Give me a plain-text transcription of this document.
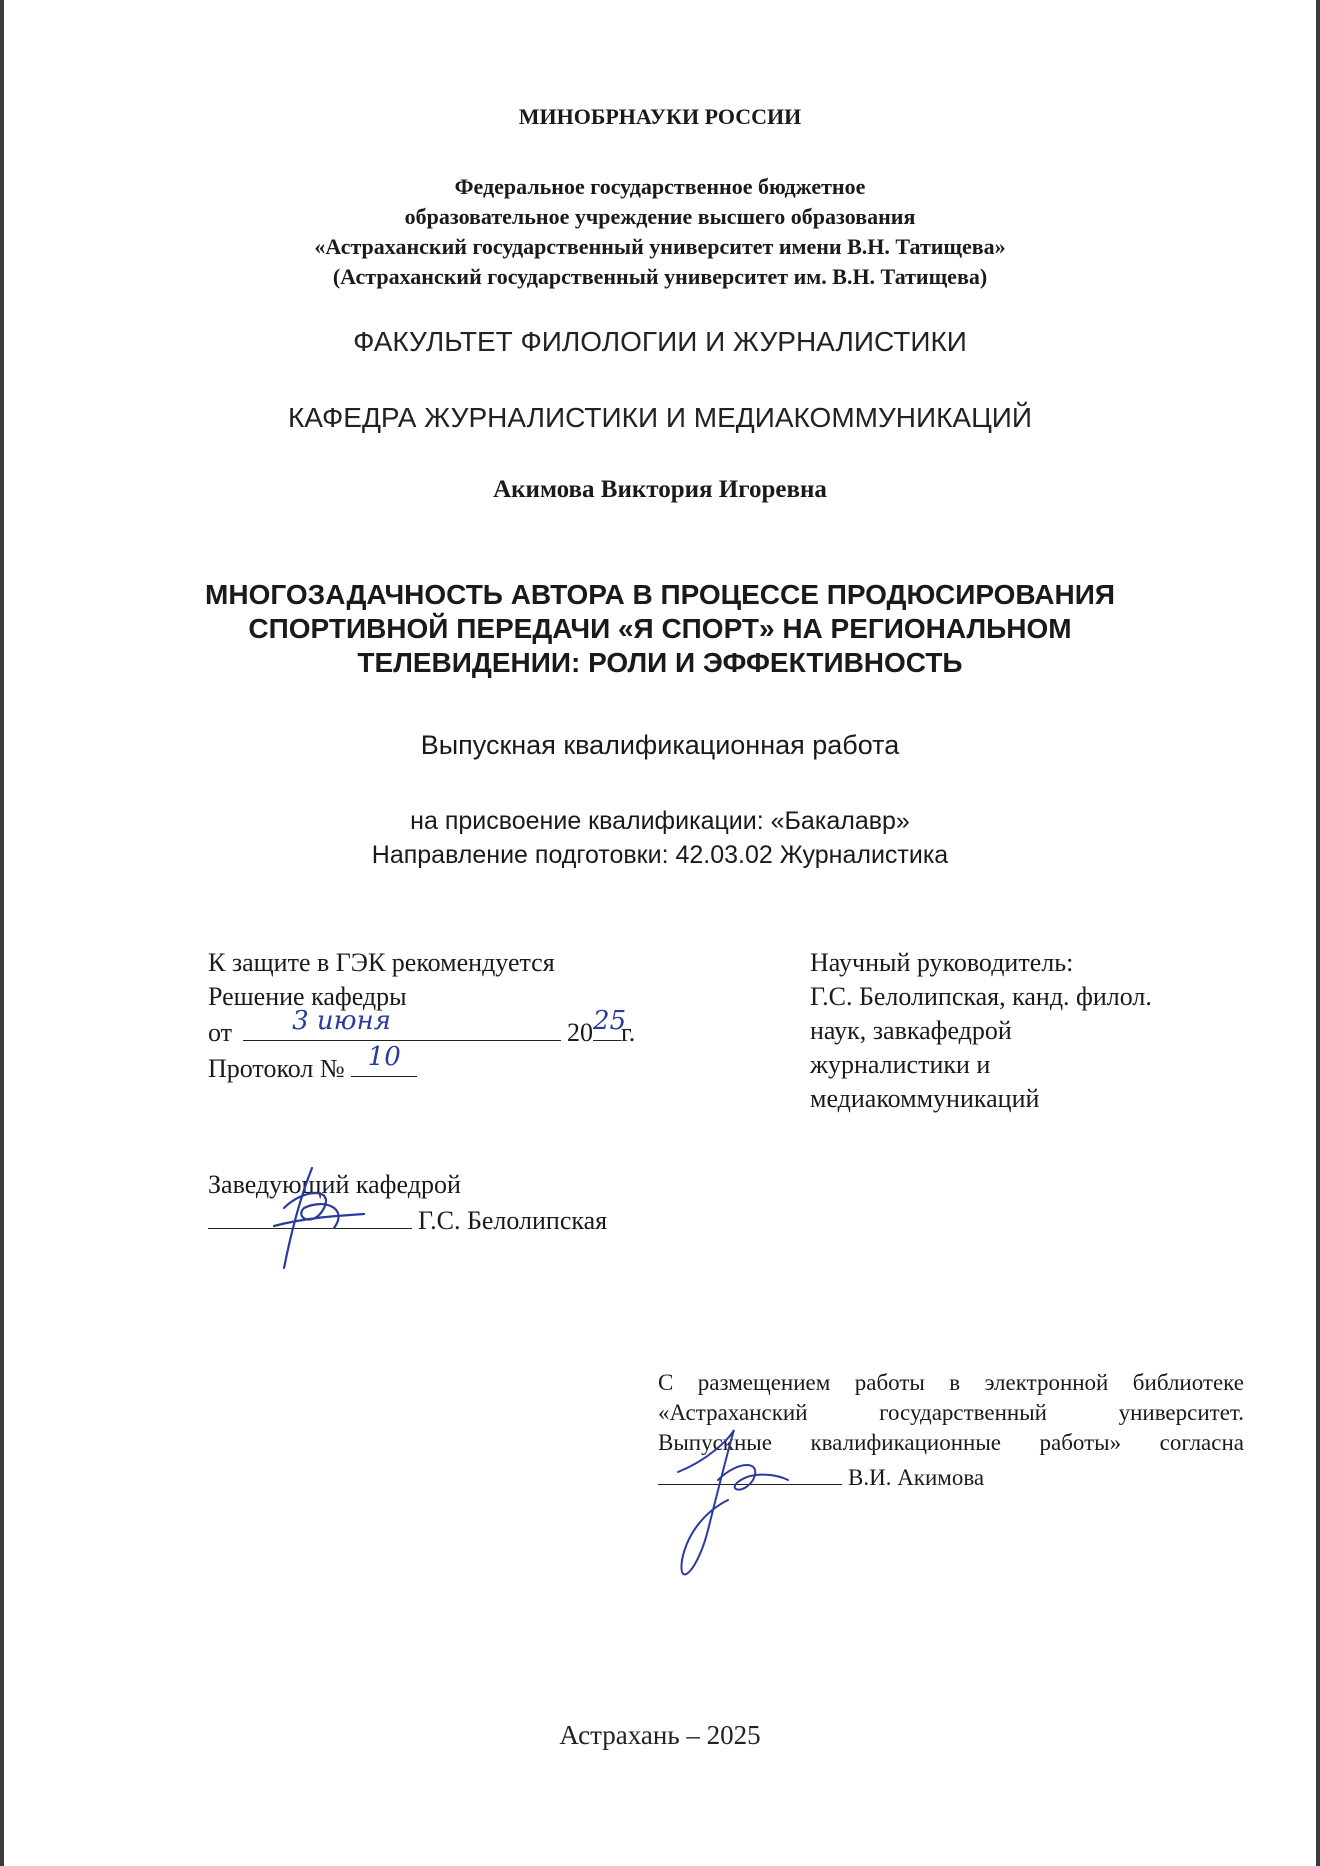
МИНОБРНАУКИ РОССИИ
Федеральное государственное бюджетное
образовательное учреждение высшего образования
«Астраханский государственный университет имени В.Н. Татищева»
(Астраханский государственный университет им. В.Н. Татищева)
ФАКУЛЬТЕТ ФИЛОЛОГИИ И ЖУРНАЛИСТИКИ
КАФЕДРА ЖУРНАЛИСТИКИ И МЕДИАКОММУНИКАЦИЙ
Акимова Виктория Игоревна
МНОГОЗАДАЧНОСТЬ АВТОРА В ПРОЦЕССЕ ПРОДЮСИРОВАНИЯ
СПОРТИВНОЙ ПЕРЕДАЧИ «Я СПОРТ» НА РЕГИОНАЛЬНОМ
ТЕЛЕВИДЕНИИ: РОЛИ И ЭФФЕКТИВНОСТЬ
Выпускная квалификационная работа
на присвоение квалификации: «Бакалавр»
Направление подготовки: 42.03.02 Журналистика
К защите в ГЭК рекомендуется
Решение кафедры
от	3 июня	20 25
г.
Протокол № 10
Научный руководитель:
Г.С. Белолипская, канд. филол.
наук, завкафедрой
журналистики и
медиакоммуникаций
Заведующий кафедрой
Г.С. Белолипская
С размещением работы в электронной библиотеке
«Астраханский государственный университет.
Выпускные квалификационные работы» согласна
В.И. Акимова
Астрахань – 2025
